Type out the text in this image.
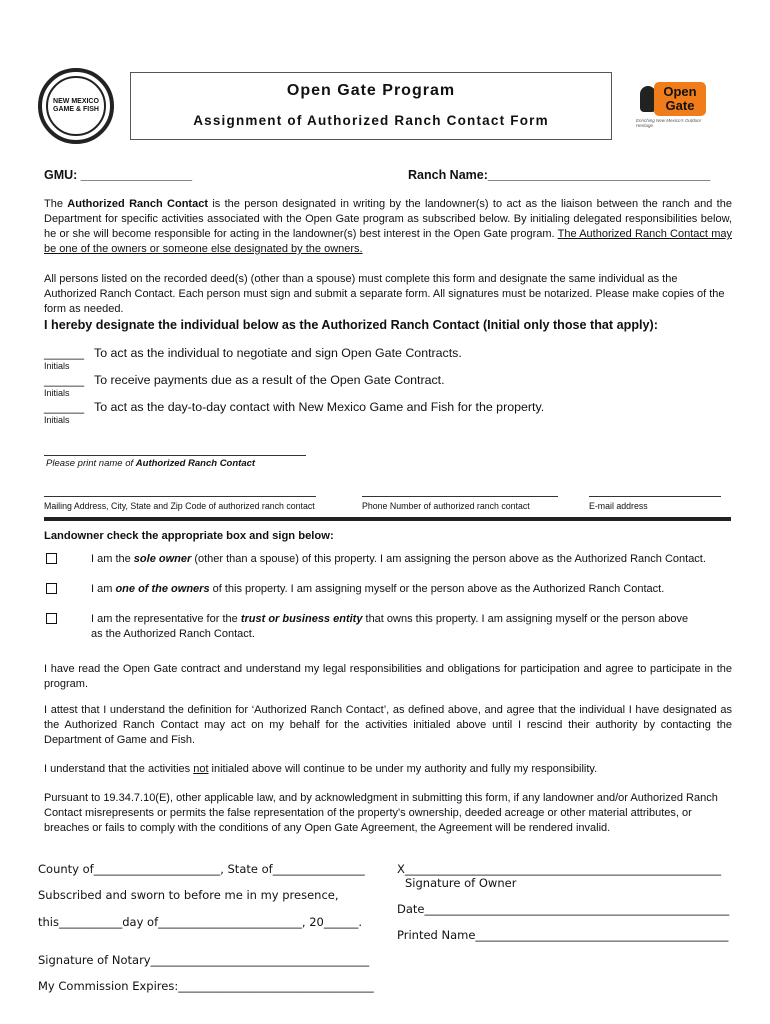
NEW MEXICO GAME & FISH
Open Gate Program
Assignment of Authorized Ranch Contact Form
Open Gate
Enriching New Mexico's Outdoor Heritage
GMU: ________________	Ranch Name:________________________________
The Authorized Ranch Contact is the person designated in writing by the landowner(s) to act as the liaison between the ranch and the Department for specific activities associated with the Open Gate program as subscribed below. By initialing delegated responsibilities below, he or she will become responsible for acting in the landowner(s) best interest in the Open Gate program. The Authorized Ranch Contact may be one of the owners or someone else designated by the owners.
All persons listed on the recorded deed(s) (other than a spouse) must complete this form and designate the same individual as the Authorized Ranch Contact. Each person must sign and submit a separate form. All signatures must be notarized. Please make copies of the form as needed.
I hereby designate the individual below as the Authorized Ranch Contact (Initial only those that apply):
______ To act as the individual to negotiate and sign Open Gate Contracts.
Initials
______ To receive payments due as a result of the Open Gate Contract.
Initials
______ To act as the day-to-day contact with New Mexico Game and Fish for the property.
Initials
Please print name of Authorized Ranch Contact
Mailing Address, City, State and Zip Code of authorized ranch contact	Phone Number of authorized ranch contact	E-mail address
Landowner check the appropriate box and sign below:
I am the sole owner (other than a spouse) of this property. I am assigning the person above as the Authorized Ranch Contact.
I am one of the owners of this property. I am assigning myself or the person above as the Authorized Ranch Contact.
I am the representative for the trust or business entity that owns this property. I am assigning myself or the person above as the Authorized Ranch Contact.
I have read the Open Gate contract and understand my legal responsibilities and obligations for participation and agree to participate in the program.
I attest that I understand the definition for ‘Authorized Ranch Contact’, as defined above, and agree that the individual I have designated as the Authorized Ranch Contact may act on my behalf for the activities initialed above until I rescind their authority by contacting the Department of Game and Fish.
I understand that the activities not initialed above will continue to be under my authority and fully my responsibility.
Pursuant to 19.34.7.10(E), other applicable law, and by acknowledgment in submitting this form, if any landowner and/or Authorized Ranch Contact misrepresents or permits the false representation of the property's ownership, deeded acreage or other material attributes, or breaches or fails to comply with the conditions of any Open Gate Agreement, the Agreement will be rendered invalid.
County of______________________, State of________________
Subscribed and sworn to before me in my presence,
this___________day of_________________________, 20______.
Signature of Notary______________________________________
My Commission Expires:__________________________________
X_______________________________________________________
Signature of Owner
Date_____________________________________________________
Printed Name____________________________________________
